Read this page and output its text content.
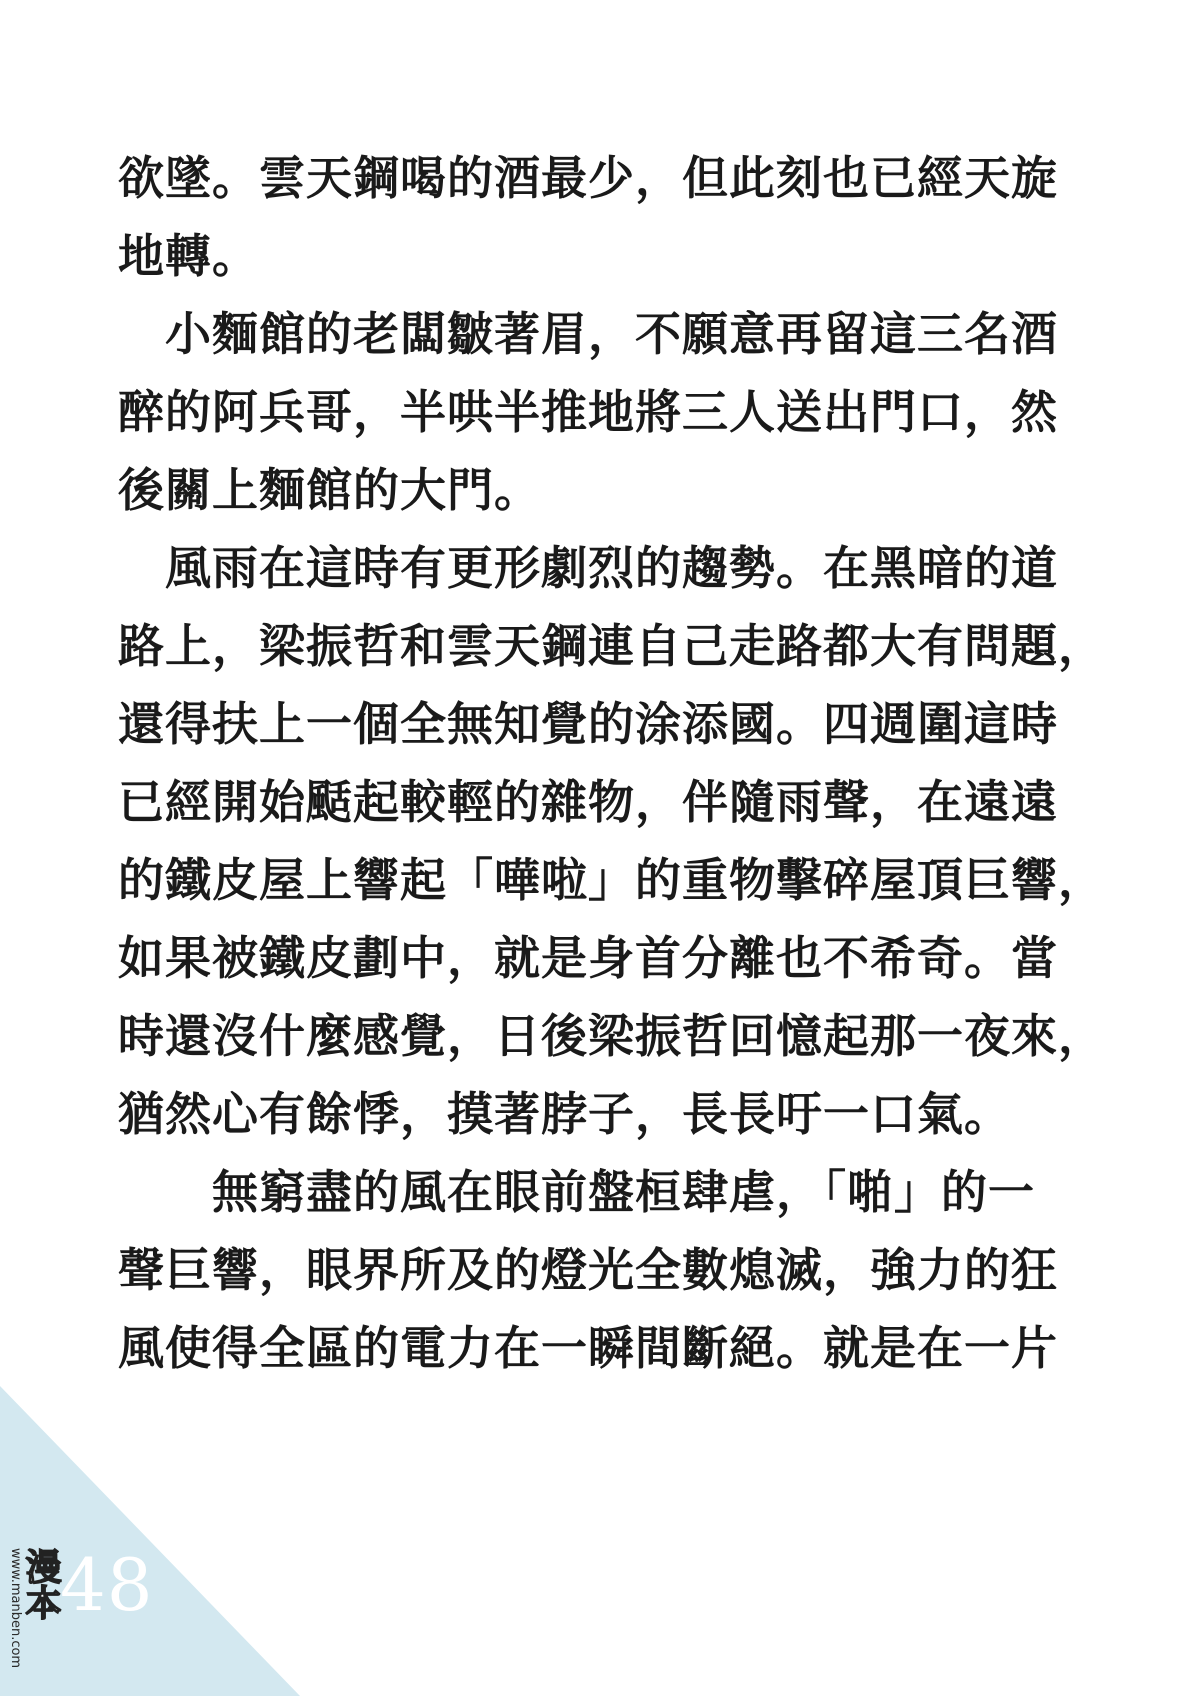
欲墜。雲天鋼喝的酒最少，但此刻也已經天旋
地轉。
　小麵館的老闆皺著眉，不願意再留這三名酒
醉的阿兵哥，半哄半推地將三人送出門口，然
後關上麵館的大門。
　風雨在這時有更形劇烈的趨勢。在黑暗的道
路上，梁振哲和雲天鋼連自己走路都大有問題，
還得扶上一個全無知覺的涂添國。四週圍這時
已經開始颳起較輕的雜物，伴隨雨聲，在遠遠
的鐵皮屋上響起「嘩啦」的重物擊碎屋頂巨響，
如果被鐵皮劃中，就是身首分離也不希奇。當
時還沒什麼感覺，日後梁振哲回憶起那一夜來，
猶然心有餘悸，摸著脖子，長長吁一口氣。
　　無窮盡的風在眼前盤桓肆虐，「啪」的一
聲巨響，眼界所及的燈光全數熄滅，強力的狂
風使得全區的電力在一瞬間斷絕。就是在一片
48
www.manben.com
漫本
